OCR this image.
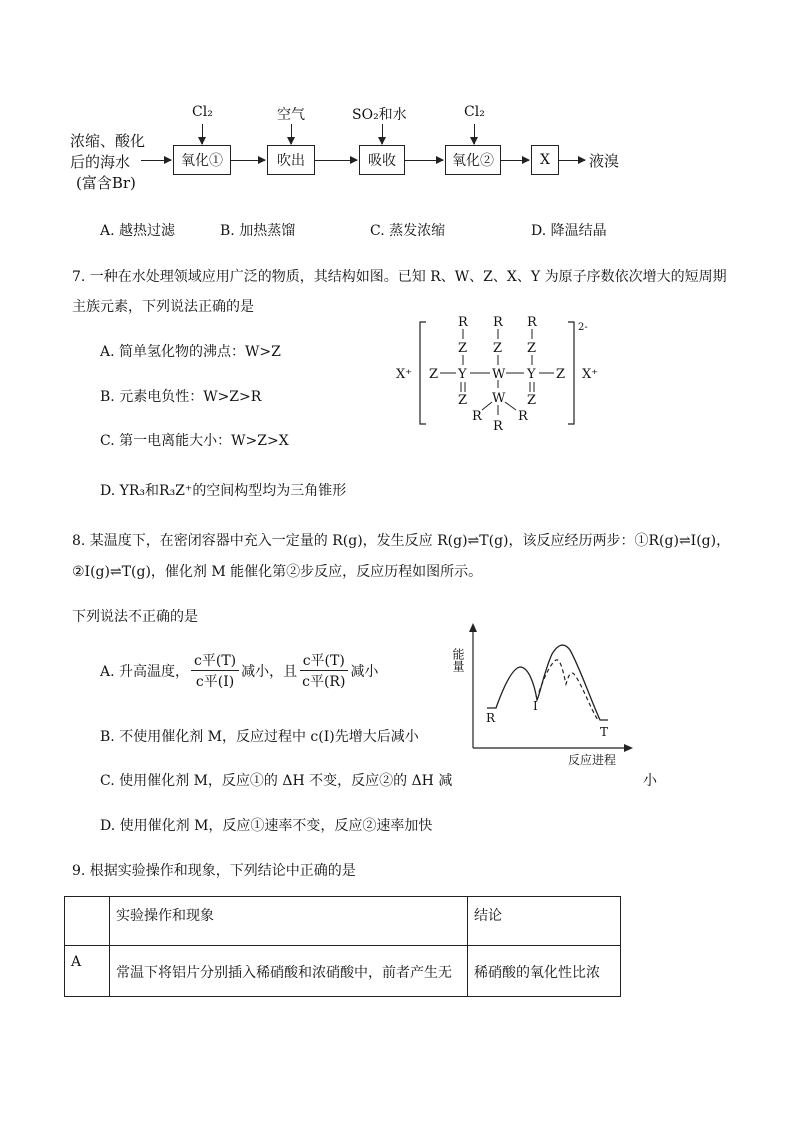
浓缩、酸化
后的海水
(富含Br)
氧化①	吹出	吸收	氧化②	X	液溴
Cl₂	空气	SO₂和水	Cl₂
A. 越热过滤	B. 加热蒸馏	C. 蒸发浓缩	D. 降温结晶
7. 一种在水处理领域应用广泛的物质，其结构如图。已知 R、W、Z、X、Y 为原子序数依次增大的短周期
主族元素，下列说法正确的是
A. 简单氢化物的沸点：W>Z
B. 元素电负性：W>Z>R
C. 第一电离能大小：W>Z>X
D. YR₃和R₃Z⁺的空间构型均为三角锥形
X⁺
2-
X⁺
R R R
Z Z Z
Z Y W Y Z
Z	Z
W
R	R
R
8. 某温度下，在密闭容器中充入一定量的 R(g)，发生反应 R(g)⇌T(g)，该反应经历两步：①R(g)⇌I(g)，
②I(g)⇌T(g)，催化剂 M 能催化第②步反应，反应历程如图所示。
下列说法不正确的是
A. 升高温度， $\frac{\text{c平(T)}}{\text{c平(I)}}$ 减小，且 $\frac{\text{c平(T)}}{\text{c平(R)}}$ 减小
B. 不使用催化剂 M，反应过程中 c(I)先增大后减小
C. 使用催化剂 M，反应①的 ΔH 不变，反应②的 ΔH 减	小
D. 使用催化剂 M，反应①速率不变，反应②速率加快
能量
反应进程
R
I
T
9. 根据实验操作和现象，下列结论中正确的是
	实验操作和现象	结论
A	常温下将铝片分别插入稀硝酸和浓硝酸中，前者产生无	稀硝酸的氧化性比浓
